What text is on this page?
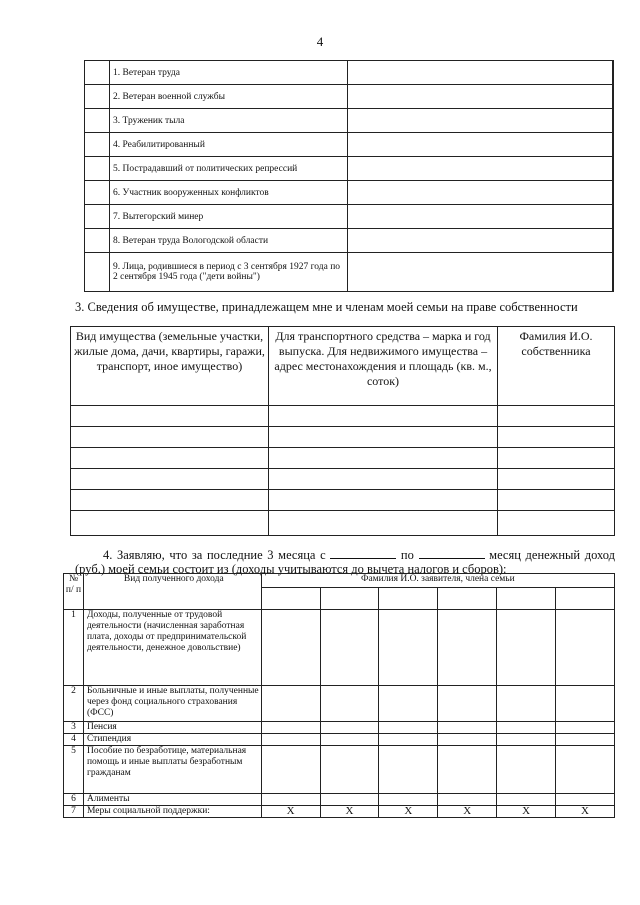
4
	1. Ветеран труда		
	2. Ветеран военной службы		
	3. Труженик тыла		
	4. Реабилитированный		
	5. Пострадавший от политических репрессий		
	6. Участник вооруженных конфликтов		
	7. Вытегорский минер		
	8. Ветеран труда Вологодской области		
	9. Лица, родившиеся в период с 3 сентября 1927 года по 2 сентября 1945 года ("дети войны")		
3. Сведения об имуществе, принадлежащем мне и членам моей семьи на праве собственности
Вид имущества (земельные участки, жилые дома, дачи, квартиры, гаражи, транспорт, иное имущество)	Для транспортного средства – марка и год выпуска. Для недвижимого имущества – адрес местонахождения и площадь (кв. м., соток)	Фамилия И.О. собственника

4. Заявляю, что за последние 3 месяца с	по	месяц денежный доход (руб.) моей семьи состоит из (доходы учитываются до вычета налогов и сборов):
№ п/ п	Вид полученного дохода	Фамилия И.О. заявителя, члена семьи					

1	Доходы, полученные от трудовой деятельности (начисленная заработная плата, доходы от предпринимательской деятельности, денежное довольствие)						
2	Больничные и иные выплаты, полученные через фонд социального страхования (ФСС)						
3	Пенсия						
4	Стипендия						
5	Пособие по безработице, материальная помощь и иные выплаты безработным гражданам						
6	Алименты						
7	Меры социальной поддержки:	X	X	X	X	X	X
